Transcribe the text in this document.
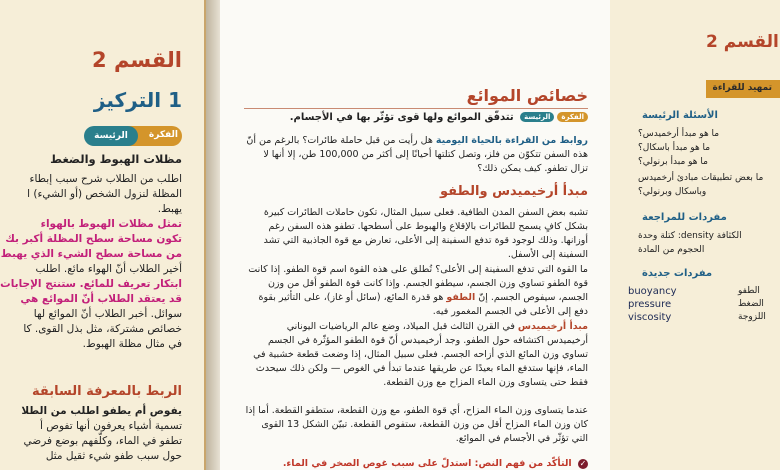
القسم 2
1 التركيز
الفكرة
الرئيسة
مظلات الهبوط والضغط
اطلب من الطلاب شرح سبب إبطاء
المظلة لنزول الشخص (أو الشيء) ا
يهبط.
تمثل مظلات الهبوط بالهواء
تكون مساحة سطح المظلة أكبر بك
من مساحة سطح الشيء الذي يهبط
أخير الطلاب أنّ الهواء مائع. اطلب
ابتكار تعريف للمائع. ستنتج الإجابات
قد يعتقد الطلاب أنّ الموائع هي
سوائل. أخبر الطلاب أنّ الموائع لها
خصائص مشتركة، مثل بذل القوى. كا
في مثال مظلة الهبوط.
الربط بالمعرفة السابقة
يفوص أم يطفو اطلب من الطلا
تسمية أشياء يعرفون أنها تفوص أ
تطفو في الماء، وكلّفهم بوضع فرضي
حول سبب طفو شيء ثقيل مثل
خصائص الموائع
الفكرةالرئيسة تتدفّق الموائع ولها قوى تؤثّر بها في الأجسام.
روابط من القراءة بالحياة اليومية هل رأيت من قبل حاملة طائرات؟ بالرغم من أنّ هذه السفن تتكوّن من فلز، وتصل كتلتها أحيانًا إلى أكثر من 100,000 طن، إلا أنها لا تزال تطفو. كيف يمكن ذلك؟
مبدأ أرخيميدس والطفو
تشبه بعض السفن المدن الطافية. فعلى سبيل المثال، تكون حاملات الطائرات كبيرة بشكل كافٍ يسمح للطائرات بالإقلاع والهبوط على أسطحها. تطفو هذه السفن رغم أوزانها. وذلك لوجود قوة تدفع السفينة إلى الأعلى، تعارض مع قوة الجاذبية التي تشد السفينة إلى الأسفل.
ما القوة التي تدفع السفينة إلى الأعلى؟ تُطلق على هذه القوة اسم قوة الطفو. إذا كانت قوة الطفو تساوي وزن الجسم، سيطفو الجسم. وإذا كانت قوة الطفو أقل من وزن الجسم، سيفوص الجسم. إنّ الطفو هو قدرة المائع، (سائل أو غاز)، على التأثير بقوة دفع إلى الأعلى في الجسم المغمور فيه.
مبدأ أرخيميدس في القرن الثالث قبل الميلاد، وضع عالم الرياضيات اليوناني أرخيميدس اكتشافه حول الطفو. وجد أرخيميدس أنّ قوة الطفو المؤثّرة في الجسم تساوي وزن المائع الذي أزاحه الجسم. فعلى سبيل المثال، إذا وضعت قطعة خشبية في الماء، فإنها ستدفع الماء بعيدًا عن طريقها عندما تبدأ في الغوص — ولكن ذلك سيحدث فقط حتى يتساوى وزن الماء المزاح مع وزن القطعة.
عندما يتساوى وزن الماء المزاح، أي قوة الطفو، مع وزن القطعة، ستطفو القطعة. أما إذا كان وزن الماء المزاح أقل من وزن القطعة، ستفوص القطعة. تبيّن الشكل 13 القوى التي تؤثّر في الأجسام في الموائع.
✓ التأكّد من فهم النص: استدلّ على سبب غوص الصخر في الماء.
القسم 2
تمهيد للقراءة
الأسئلة الرئيسة
ما هو مبدأ أرخميدس؟
ما هو مبدأ باسكال؟
ما هو مبدأ برنولي؟
ما بعض تطبيقات مبادئ أرخميدس
وباسكال وبرنولي؟
مفردات للمراجعة
الكثافة density: كتلة وحدة
الحجوم من المادة
مفردات جديدة
buoyancy	الطفو
pressure	الضغط
viscosity	اللزوجة
